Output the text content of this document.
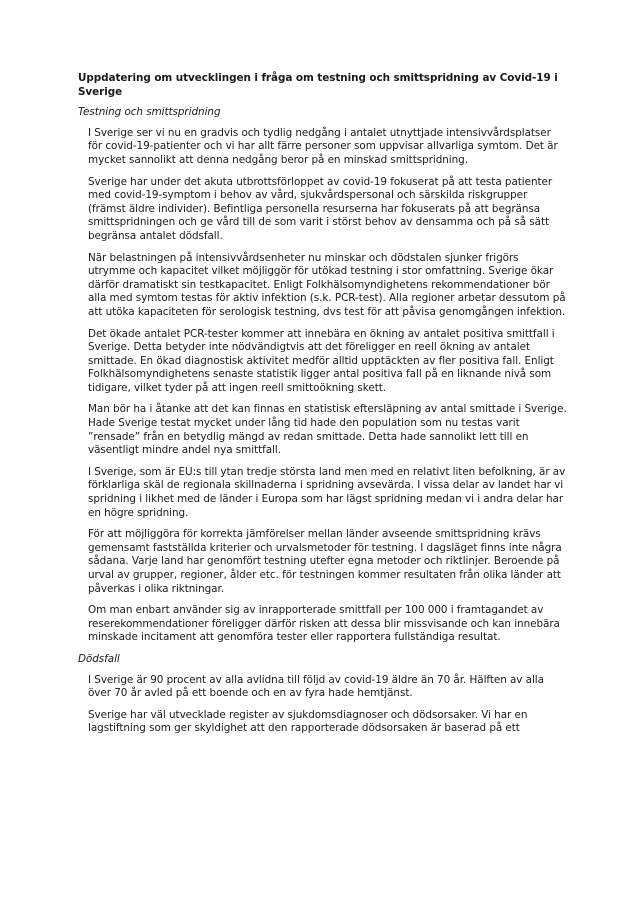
Uppdatering om utvecklingen i fråga om testning och smittspridning av Covid-19 i Sverige
Testning och smittspridning

I Sverige ser vi nu en gradvis och tydlig nedgång i antalet utnyttjade intensivvårdsplatser för covid-19-patienter och vi har allt färre personer som uppvisar allvarliga symtom. Det är mycket sannolikt att denna nedgång beror på en minskad smittspridning.

Sverige har under det akuta utbrottsförloppet av covid-19 fokuserat på att testa patienter med covid-19-symptom i behov av vård, sjukvårdspersonal och särskilda riskgrupper (främst äldre individer). Befintliga personella resurserna har fokuserats på att begränsa smittspridningen och ge vård till de som varit i störst behov av densamma och på så sätt begränsa antalet dödsfall.

När belastningen på intensivvårdsenheter nu minskar och dödstalen sjunker frigörs utrymme och kapacitet vilket möjliggör för utökad testning i stor omfattning. Sverige ökar därför dramatiskt sin testkapacitet. Enligt Folkhälsomyndighetens rekommendationer bör alla med symtom testas för aktiv infektion (s.k. PCR-test). Alla regioner arbetar dessutom på att utöka kapaciteten för serologisk testning, dvs test för att påvisa genomgången infektion.

Det ökade antalet PCR-tester kommer att innebära en ökning av antalet positiva smittfall i Sverige. Detta betyder inte nödvändigtvis att det föreligger en reell ökning av antalet smittade. En ökad diagnostisk aktivitet medför alltid upptäckten av fler positiva fall. Enligt Folkhälsomyndighetens senaste statistik ligger antal positiva fall på en liknande nivå som tidigare, vilket tyder på att ingen reell smittoökning skett.

Man bör ha i åtanke att det kan finnas en statistisk eftersläpning av antal smittade i Sverige. Hade Sverige testat mycket under lång tid hade den population som nu testas varit ”rensade” från en betydlig mängd av redan smittade. Detta hade sannolikt lett till en väsentligt mindre andel nya smittfall.

I Sverige, som är EU:s till ytan tredje största land men med en relativt liten befolkning, är av förklarliga skäl de regionala skillnaderna i spridning avsevärda. I vissa delar av landet har vi spridning i likhet med de länder i Europa som har lägst spridning medan vi i andra delar har en högre spridning.

För att möjliggöra för korrekta jämförelser mellan länder avseende smittspridning krävs gemensamt fastställda kriterier och urvalsmetoder för testning. I dagsläget finns inte några sådana. Varje land har genomfört testning utefter egna metoder och riktlinjer. Beroende på urval av grupper, regioner, ålder etc. för testningen kommer resultaten från olika länder att påverkas i olika riktningar.

Om man enbart använder sig av inrapporterade smittfall per 100 000 i framtagandet av reserekommendationer föreligger därför risken att dessa blir missvisande och kan innebära minskade incitament att genomföra tester eller rapportera fullständiga resultat.

Dödsfall

I Sverige är 90 procent av alla avlidna till följd av covid-19 äldre än 70 år. Hälften av alla över 70 år avled på ett boende och en av fyra hade hemtjänst.

Sverige har väl utvecklade register av sjukdomsdiagnoser och dödsorsaker. Vi har en lagstiftning som ger skyldighet att den rapporterade dödsorsaken är baserad på ett
